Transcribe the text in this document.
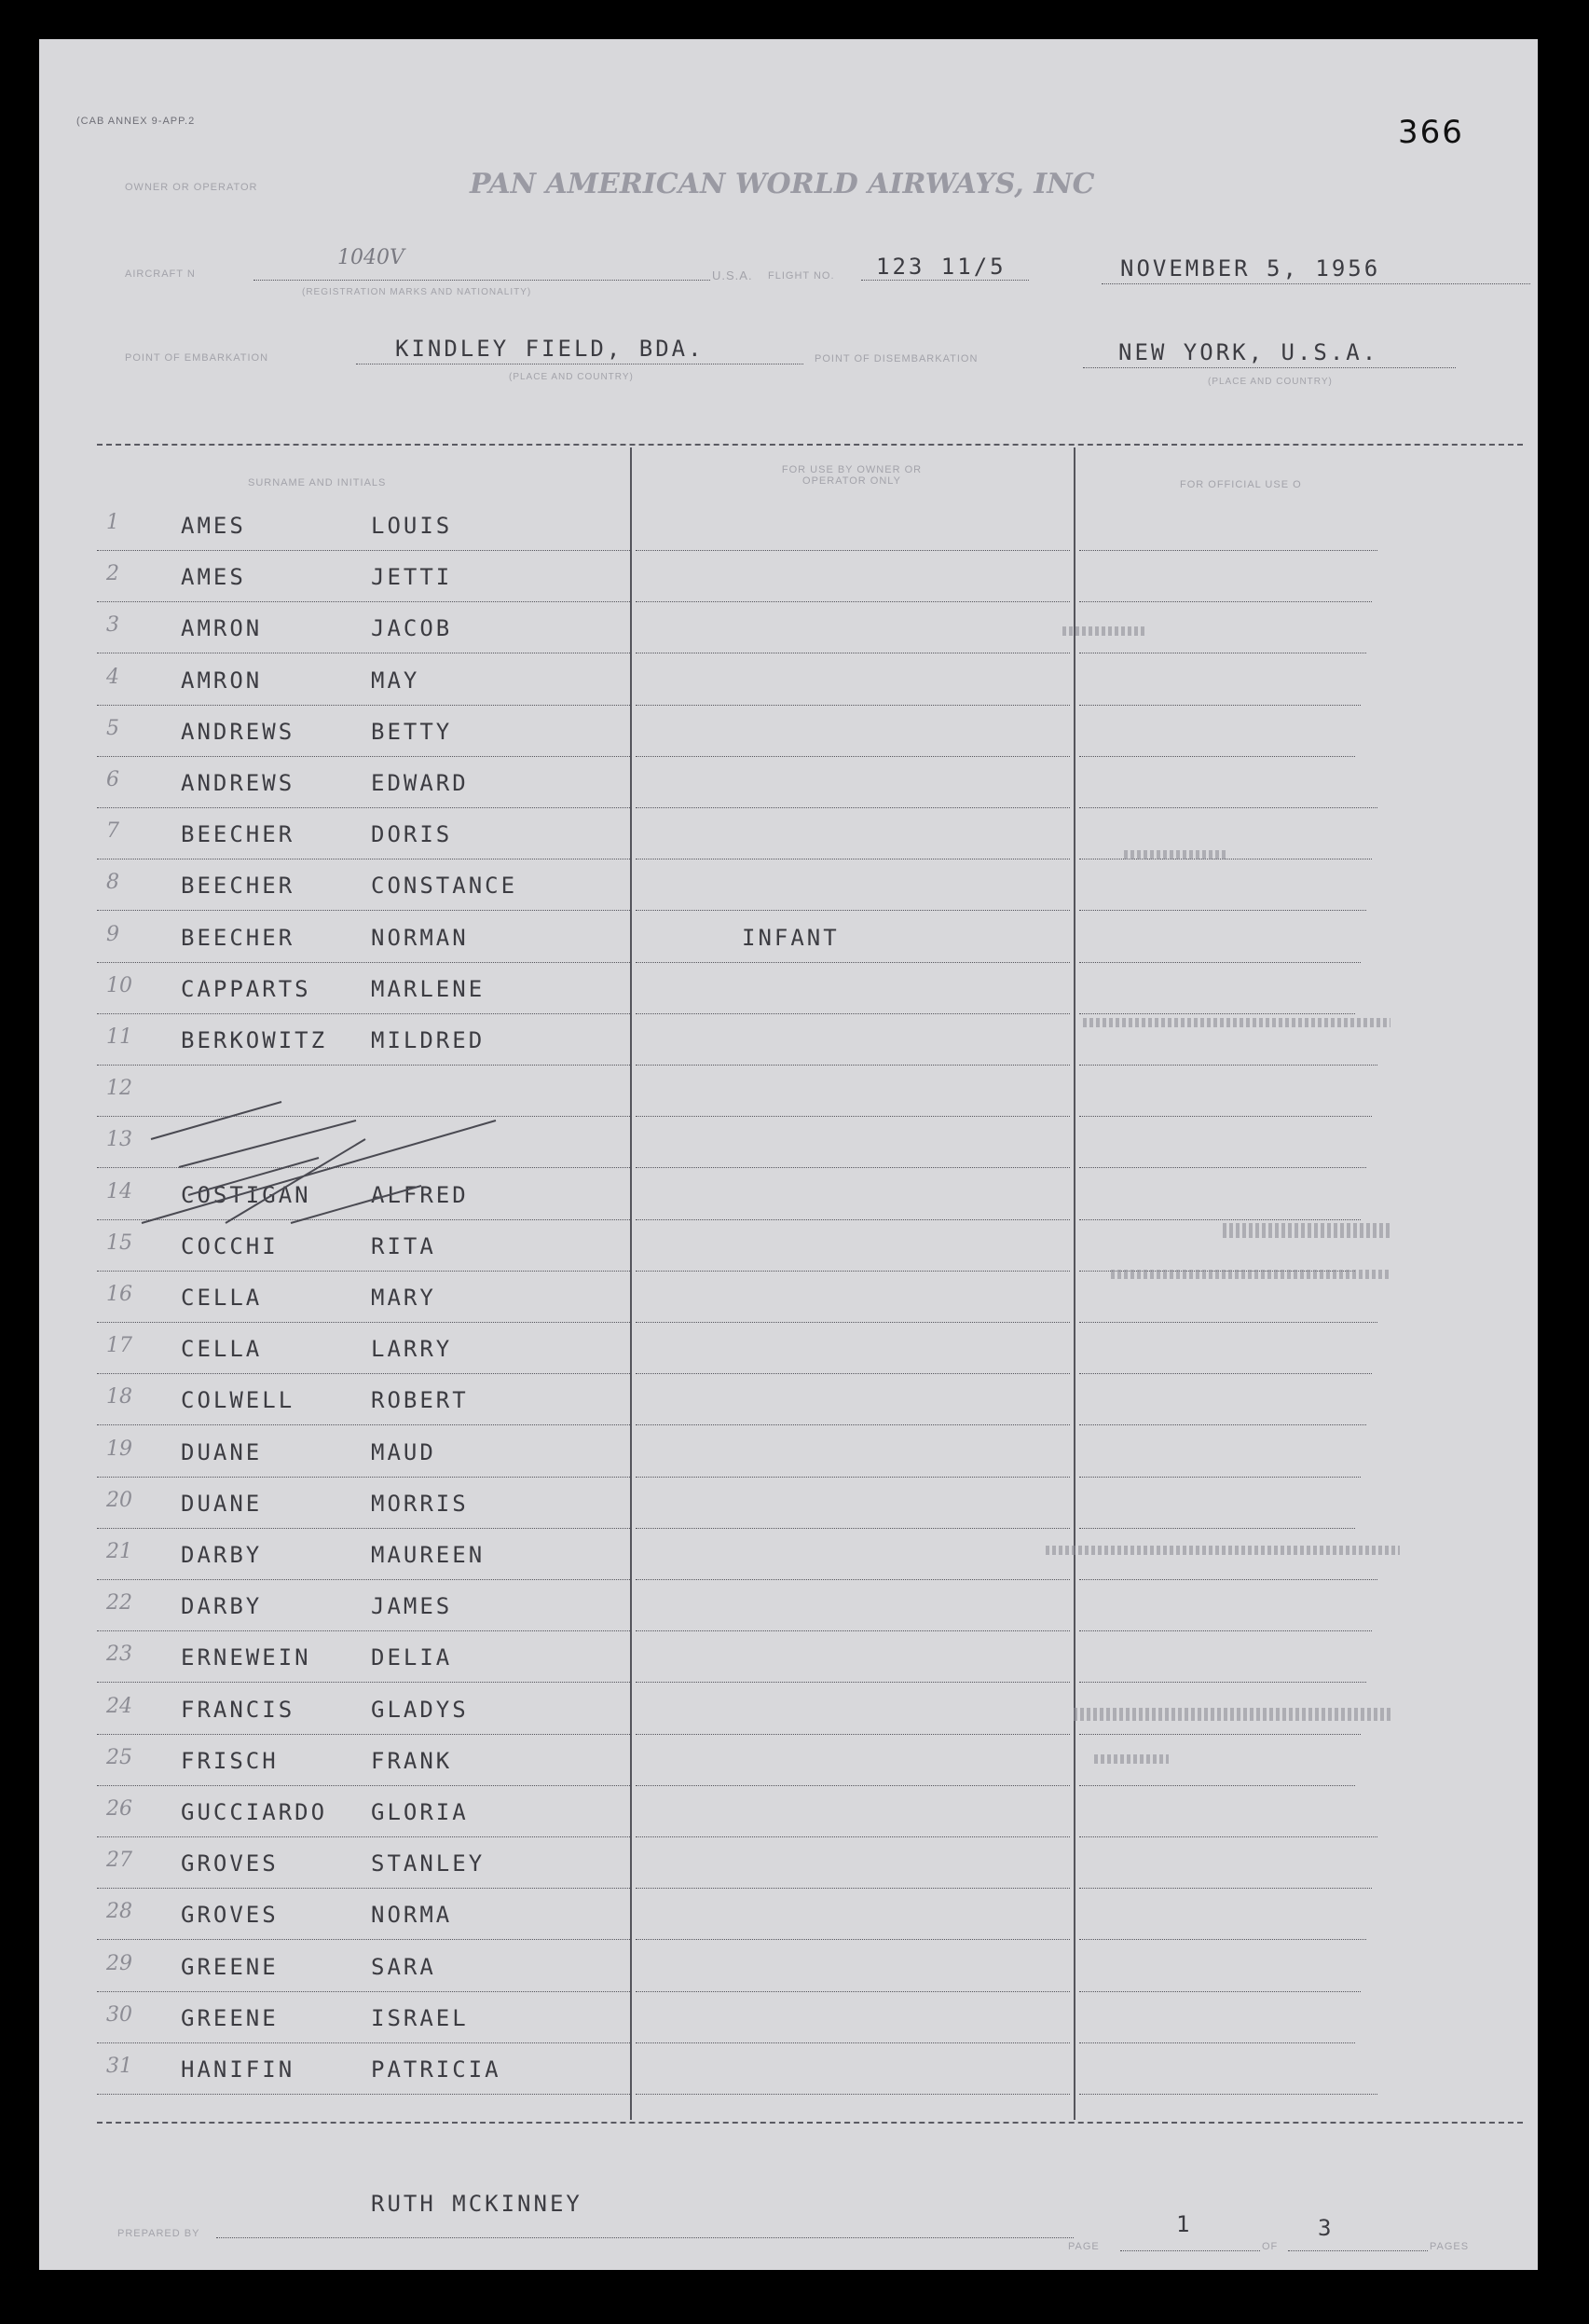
(CAB ANNEX 9-APP.2	366
OWNER OR OPERATOR	PAN AMERICAN WORLD AIRWAYS, INC
AIRCRAFT N
1040V
(REGISTRATION MARKS AND NATIONALITY)
U.S.A. FLIGHT NO. 123 11/5	NOVEMBER 5, 1956
POINT OF EMBARKATION	KINDLEY FIELD, BDA.
(PLACE AND COUNTRY)
POINT OF DISEMBARKATION	NEW YORK, U.S.A.
(PLACE AND COUNTRY)
SURNAME AND INITIALS
FOR USE BY OWNER OR OPERATOR ONLY	FOR OFFICIAL USE O
1	AMES	LOUIS
2	AMES	JETTI
3	AMRON	JACOB
4	AMRON	MAY
5	ANDREWS	BETTY
6	ANDREWS	EDWARD
7	BEECHER	DORIS
8	BEECHER	CONSTANCE
9	BEECHER	NORMAN	INFANT
10 CAPPARTS	MARLENE
11 BERKOWITZ MILDRED
12
13
14 COSTIGAN	ALFRED
15 COCCHI	RITA
16 CELLA	MARY
17 CELLA	LARRY
18 COLWELL	ROBERT
19 DUANE	MAUD
20 DUANE	MORRIS
21 DARBY	MAUREEN
22 DARBY	JAMES
23 ERNEWEIN	DELIA
24 FRANCIS	GLADYS
25 FRISCH	FRANK
26 GUCCIARDO GLORIA
27 GROVES	STANLEY
28 GROVES	NORMA
29 GREENE	SARA
30 GREENE	ISRAEL
31 HANIFIN	PATRICIA
RUTH MCKINNEY
PREPARED BY	1
PAGE
3
OF	PAGES
